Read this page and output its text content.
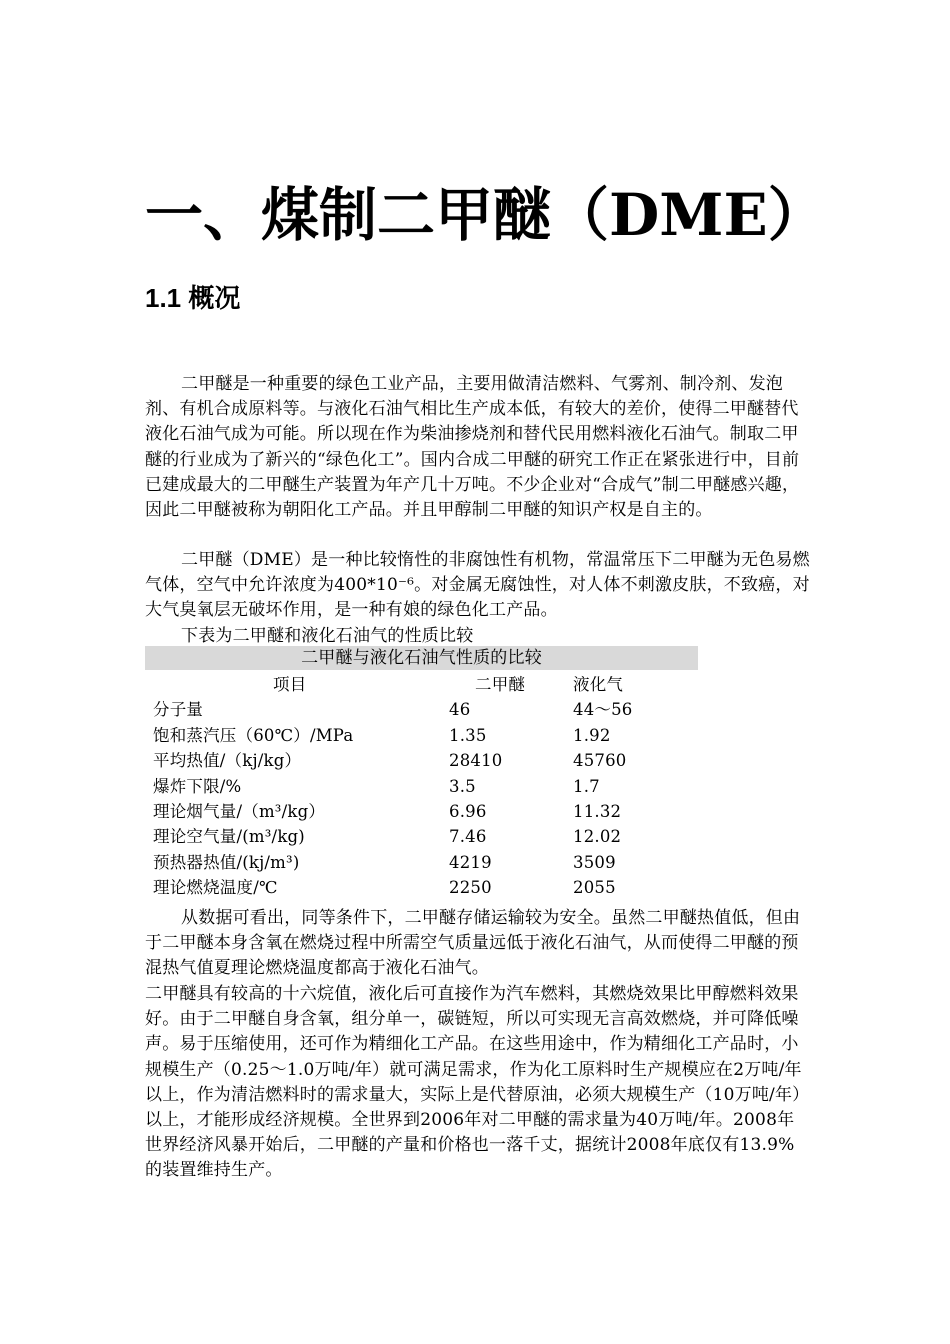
一、煤制二甲醚（DME）
1.1 概况

二甲醚是一种重要的绿色工业产品，主要用做清洁燃料、气雾剂、制冷剂、发泡剂、有机合成原料等。与液化石油气相比生产成本低，有较大的差价，使得二甲醚替代液化石油气成为可能。所以现在作为柴油掺烧剂和替代民用燃料液化石油气。制取二甲醚的行业成为了新兴的“绿色化工”。国内合成二甲醚的研究工作正在紧张进行中，目前已建成最大的二甲醚生产装置为年产几十万吨。不少企业对“合成气”制二甲醚感兴趣，因此二甲醚被称为朝阳化工产品。并且甲醇制二甲醚的知识产权是自主的。

二甲醚（DME）是一种比较惰性的非腐蚀性有机物，常温常压下二甲醚为无色易燃气体，空气中允许浓度为400*10⁻⁶。对金属无腐蚀性，对人体不刺激皮肤，不致癌，对大气臭氧层无破坏作用，是一种有娘的绿色化工产品。

下表为二甲醚和液化石油气的性质比较

二甲醚与液化石油气性质的比较
项目	二甲醚	液化气
分子量	46	44～56
饱和蒸汽压（60℃）/MPa	1.35	1.92
平均热值/（kj/kg）	28410	45760
爆炸下限/%	3.5	1.7
理论烟气量/（m³/kg）	6.96	11.32
理论空气量/(m³/kg)	7.46	12.02
预热器热值/(kj/m³)	4219	3509
理论燃烧温度/℃	2250	2055

从数据可看出，同等条件下，二甲醚存储运输较为安全。虽然二甲醚热值低，但由于二甲醚本身含氧在燃烧过程中所需空气质量远低于液化石油气，从而使得二甲醚的预混热气值夏理论燃烧温度都高于液化石油气。

二甲醚具有较高的十六烷值，液化后可直接作为汽车燃料，其燃烧效果比甲醇燃料效果好。由于二甲醚自身含氧，组分单一，碳链短，所以可实现无言高效燃烧，并可降低噪声。易于压缩使用，还可作为精细化工产品。在这些用途中，作为精细化工产品时，小规模生产（0.25～1.0万吨/年）就可满足需求，作为化工原料时生产规模应在2万吨/年以上，作为清洁燃料时的需求量大，实际上是代替原油，必须大规模生产（10万吨/年）以上，才能形成经济规模。全世界到2006年对二甲醚的需求量为40万吨/年。2008年世界经济风暴开始后，二甲醚的产量和价格也一落千丈，据统计2008年底仅有13.9%的装置维持生产。
